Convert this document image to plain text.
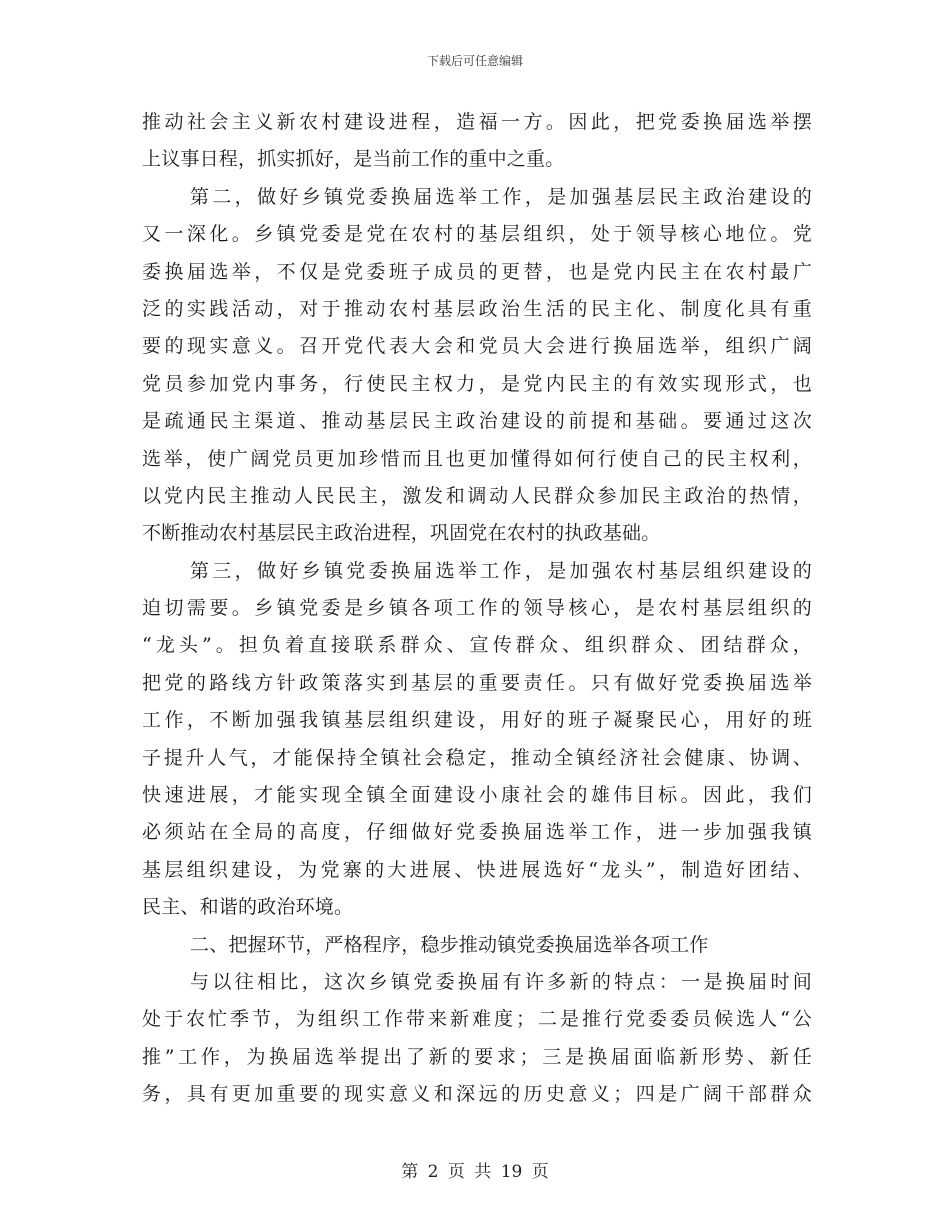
下载后可任意编辑
推动社会主义新农村建设进程，造福一方。因此，把党委换届选举摆
上议事日程，抓实抓好，是当前工作的重中之重。
第二，做好乡镇党委换届选举工作，是加强基层民主政治建设的
又一深化。乡镇党委是党在农村的基层组织，处于领导核心地位。党
委换届选举，不仅是党委班子成员的更替，也是党内民主在农村最广
泛的实践活动，对于推动农村基层政治生活的民主化、制度化具有重
要的现实意义。召开党代表大会和党员大会进行换届选举，组织广阔
党员参加党内事务，行使民主权力，是党内民主的有效实现形式，也
是疏通民主渠道、推动基层民主政治建设的前提和基础。要通过这次
选举，使广阔党员更加珍惜而且也更加懂得如何行使自己的民主权利，
以党内民主推动人民民主，激发和调动人民群众参加民主政治的热情，
不断推动农村基层民主政治进程，巩固党在农村的执政基础。
第三，做好乡镇党委换届选举工作，是加强农村基层组织建设的
迫切需要。乡镇党委是乡镇各项工作的领导核心，是农村基层组织的
“龙头”。担负着直接联系群众、宣传群众、组织群众、团结群众，
把党的路线方针政策落实到基层的重要责任。只有做好党委换届选举
工作，不断加强我镇基层组织建设，用好的班子凝聚民心，用好的班
子提升人气，才能保持全镇社会稳定，推动全镇经济社会健康、协调、
快速进展，才能实现全镇全面建设小康社会的雄伟目标。因此，我们
必须站在全局的高度，仔细做好党委换届选举工作，进一步加强我镇
基层组织建设，为党寨的大进展、快进展选好“龙头”，制造好团结、
民主、和谐的政治环境。
二、把握环节，严格程序，稳步推动镇党委换届选举各项工作
与以往相比，这次乡镇党委换届有许多新的特点：一是换届时间
处于农忙季节，为组织工作带来新难度；二是推行党委委员候选人“公
推”工作，为换届选举提出了新的要求；三是换届面临新形势、新任
务，具有更加重要的现实意义和深远的历史意义；四是广阔干部群众
第 2 页 共 19 页
